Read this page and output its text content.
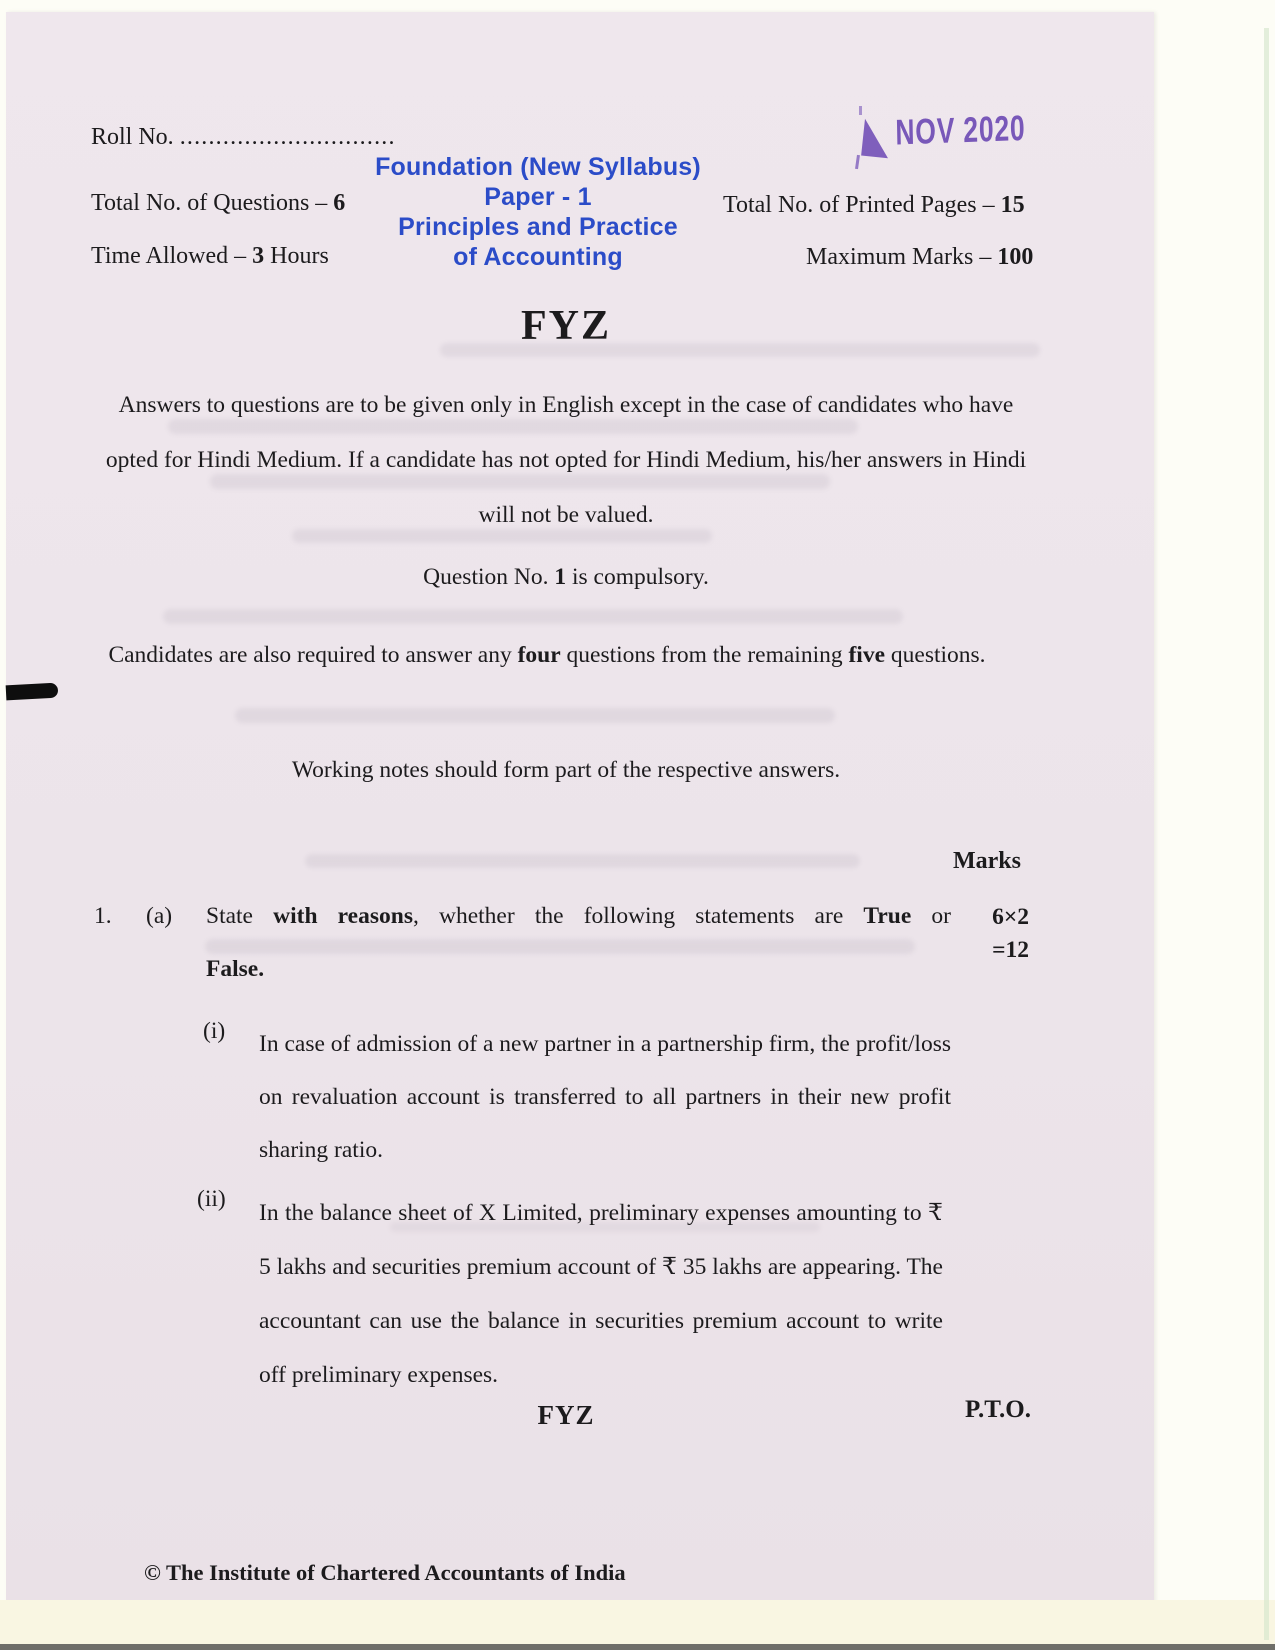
Roll No. ..............................
Total No. of Questions – 6
Time Allowed – 3 Hours
Total No. of Printed Pages – 15
Maximum Marks – 100
Foundation (New Syllabus)
Paper - 1
Principles and Practice
of Accounting
NOV 2020
FYZ
Answers to questions are to be given only in English except in the case of candidates who have opted for Hindi Medium. If a candidate has not opted for Hindi Medium, his/her answers in Hindi will not be valued.
Question No. 1 is compulsory.
Candidates are also required to answer any four questions from the remaining five questions.
Working notes should form part of the respective answers.
Marks
1. (a) State with reasons, whether the following statements are True or
False.
6×2
=12
(i) In case of admission of a new partner in a partnership firm, the profit/loss on revaluation account is transferred to all partners in their new profit sharing ratio.
(ii)
In the balance sheet of X Limited, preliminary expenses amounting to ₹ 5 lakhs and securities premium account of ₹ 35 lakhs are appearing. The accountant can use the balance in securities premium account to write off preliminary expenses.
FYZ	P.T.O.
© The Institute of Chartered Accountants of India
